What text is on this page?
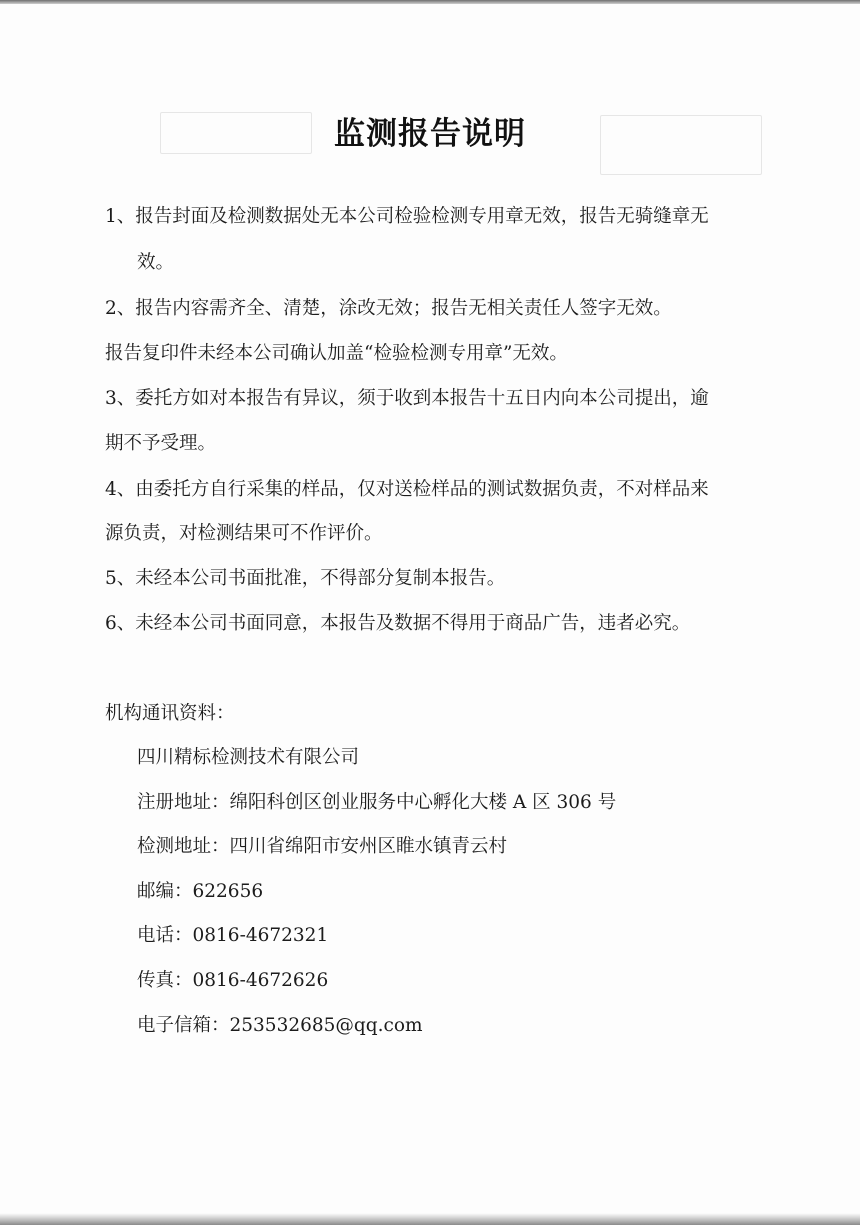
监测报告说明
1、报告封面及检测数据处无本公司检验检测专用章无效，报告无骑缝章无
效。
2、报告内容需齐全、清楚，涂改无效；报告无相关责任人签字无效。
报告复印件未经本公司确认加盖“检验检测专用章”无效。
3、委托方如对本报告有异议，须于收到本报告十五日内向本公司提出，逾
期不予受理。
4、由委托方自行采集的样品，仅对送检样品的测试数据负责，不对样品来
源负责，对检测结果可不作评价。
5、未经本公司书面批准，不得部分复制本报告。
6、未经本公司书面同意，本报告及数据不得用于商品广告，违者必究。
机构通讯资料：
四川精标检测技术有限公司
注册地址：绵阳科创区创业服务中心孵化大楼 A 区 306 号
检测地址：四川省绵阳市安州区睢水镇青云村
邮编：622656
电话：0816-4672321
传真：0816-4672626
电子信箱：253532685@qq.com
